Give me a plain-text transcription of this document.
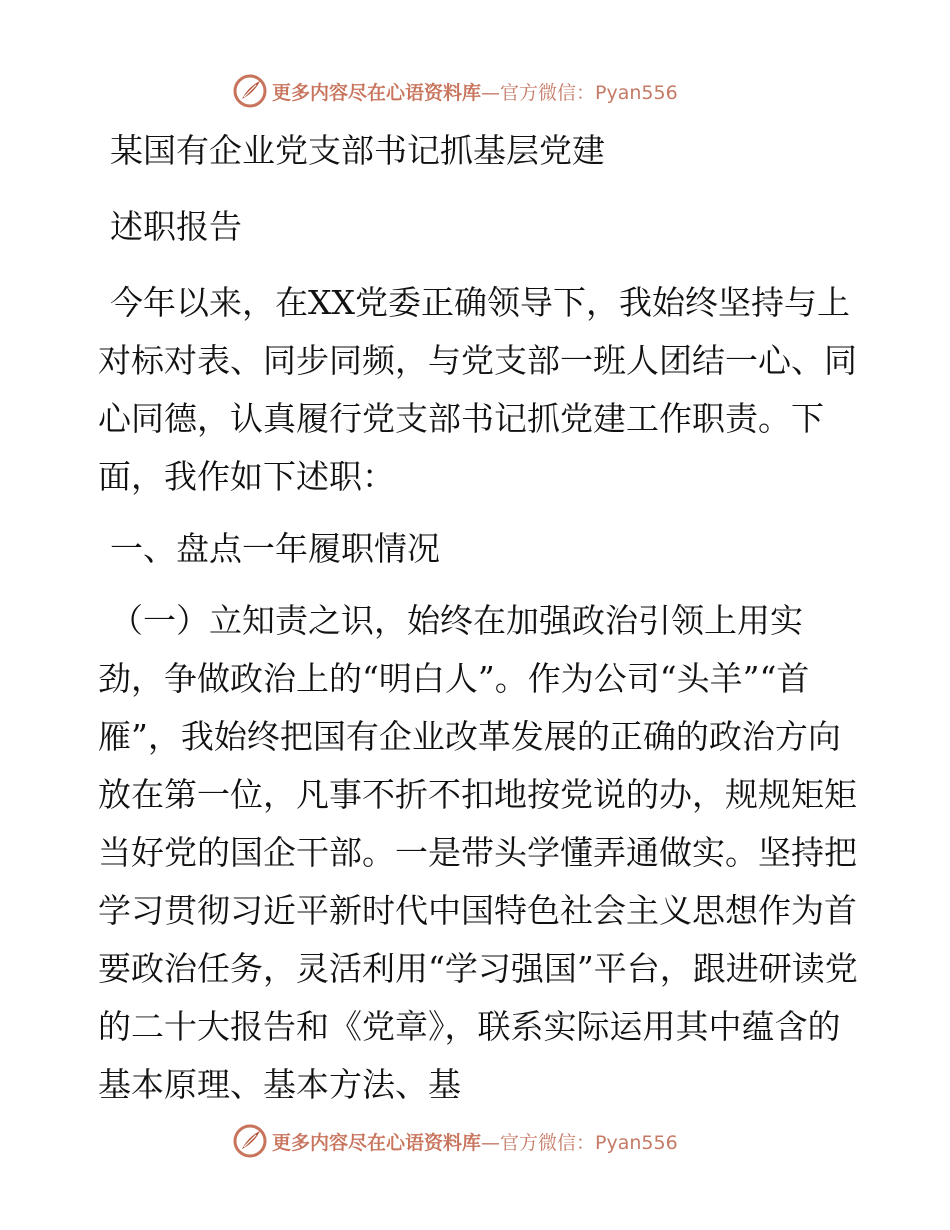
更多内容尽在心语资料库—官方微信：Pyan556

某国有企业党支部书记抓基层党建

述职报告

今年以来，在XX党委正确领导下，我始终坚持与上对标对表、同步同频，与党支部一班人团结一心、同心同德，认真履行党支部书记抓党建工作职责。下面，我作如下述职：

一、盘点一年履职情况

（一）立知责之识，始终在加强政治引领上用实劲，争做政治上的“明白人”。作为公司“头羊”“首雁”，我始终把国有企业改革发展的正确的政治方向放在第一位，凡事不折不扣地按党说的办，规规矩矩当好党的国企干部。一是带头学懂弄通做实。坚持把学习贯彻习近平新时代中国特色社会主义思想作为首要政治任务，灵活利用“学习强国”平台，跟进研读党的二十大报告和《党章》，联系实际运用其中蕴含的基本原理、基本方法、基

更多内容尽在心语资料库—官方微信：Pyan556
